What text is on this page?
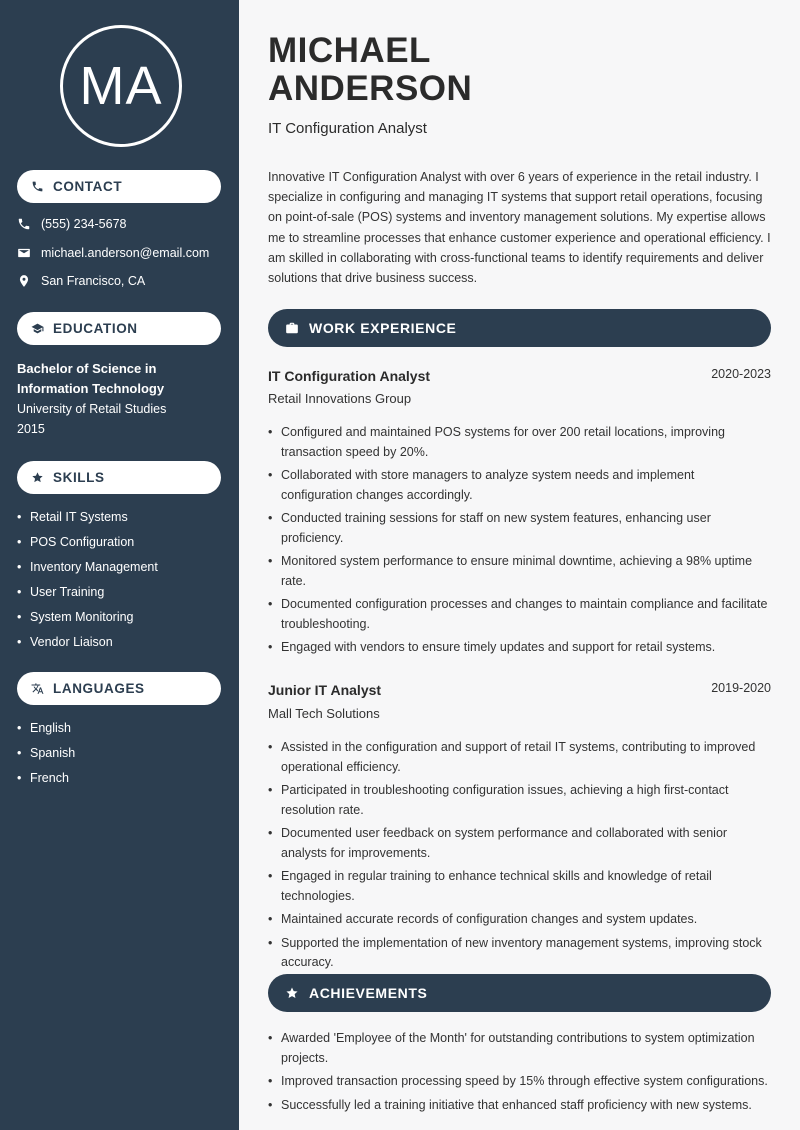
MA
CONTACT
(555) 234-5678
michael.anderson@email.com
San Francisco, CA
EDUCATION
Bachelor of Science in Information Technology
University of Retail Studies
2015
SKILLS
• Retail IT Systems
• POS Configuration
• Inventory Management
• User Training
• System Monitoring
• Vendor Liaison
LANGUAGES
• English
• Spanish
• French
MICHAEL
ANDERSON
IT Configuration Analyst
Innovative IT Configuration Analyst with over 6 years of experience in the retail industry. I specialize in configuring and managing IT systems that support retail operations, focusing on point-of-sale (POS) systems and inventory management solutions. My expertise allows me to streamline processes that enhance customer experience and operational efficiency. I am skilled in collaborating with cross-functional teams to identify requirements and deliver solutions that drive business success.
WORK EXPERIENCE
IT Configuration Analyst	2020-2023
Retail Innovations Group
• Configured and maintained POS systems for over 200 retail locations, improving transaction speed by 20%.
• Collaborated with store managers to analyze system needs and implement configuration changes accordingly.
• Conducted training sessions for staff on new system features, enhancing user proficiency.
• Monitored system performance to ensure minimal downtime, achieving a 98% uptime rate.
• Documented configuration processes and changes to maintain compliance and facilitate troubleshooting.
• Engaged with vendors to ensure timely updates and support for retail systems.
Junior IT Analyst	2019-2020
Mall Tech Solutions
• Assisted in the configuration and support of retail IT systems, contributing to improved operational efficiency.
• Participated in troubleshooting configuration issues, achieving a high first-contact resolution rate.
• Documented user feedback on system performance and collaborated with senior analysts for improvements.
• Engaged in regular training to enhance technical skills and knowledge of retail technologies.
• Maintained accurate records of configuration changes and system updates.
• Supported the implementation of new inventory management systems, improving stock accuracy.
ACHIEVEMENTS
• Awarded 'Employee of the Month' for outstanding contributions to system optimization projects.
• Improved transaction processing speed by 15% through effective system configurations.
• Successfully led a training initiative that enhanced staff proficiency with new systems.
